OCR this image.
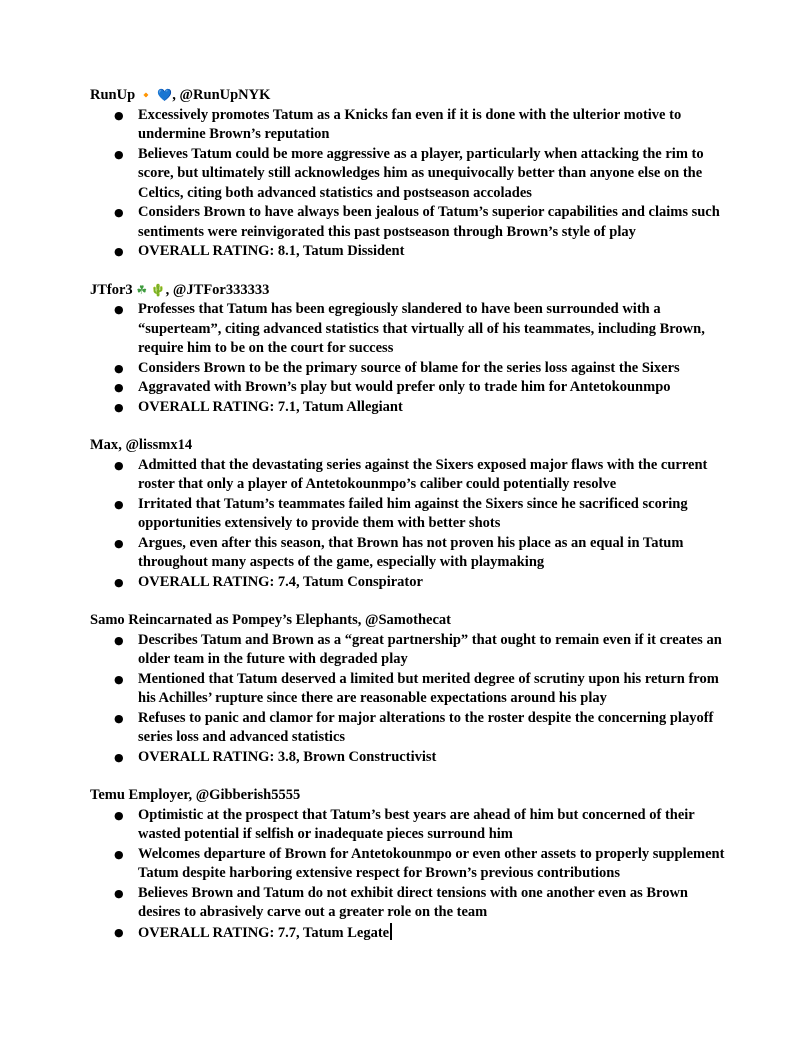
RunUp 🔸 💙, @RunUpNYK

● Excessively promotes Tatum as a Knicks fan even if it is done with the ulterior motive to undermine Brown’s reputation
● Believes Tatum could be more aggressive as a player, particularly when attacking the rim to score, but ultimately still acknowledges him as unequivocally better than anyone else on the Celtics, citing both advanced statistics and postseason accolades
● Considers Brown to have always been jealous of Tatum’s superior capabilities and claims such sentiments were reinvigorated this past postseason through Brown’s style of play
● OVERALL RATING: 8.1, Tatum Dissident

JTfor3 ☘ 🌵, @JTFor333333

● Professes that Tatum has been egregiously slandered to have been surrounded with a “superteam”, citing advanced statistics that virtually all of his teammates, including Brown, require him to be on the court for success
● Considers Brown to be the primary source of blame for the series loss against the Sixers
● Aggravated with Brown’s play but would prefer only to trade him for Antetokounmpo
● OVERALL RATING: 7.1, Tatum Allegiant

Max, @lissmx14

● Admitted that the devastating series against the Sixers exposed major flaws with the current roster that only a player of Antetokounmpo’s caliber could potentially resolve
● Irritated that Tatum’s teammates failed him against the Sixers since he sacrificed scoring opportunities extensively to provide them with better shots
● Argues, even after this season, that Brown has not proven his place as an equal in Tatum throughout many aspects of the game, especially with playmaking
● OVERALL RATING: 7.4, Tatum Conspirator

Samo Reincarnated as Pompey’s Elephants, @Samothecat

● Describes Tatum and Brown as a “great partnership” that ought to remain even if it creates an older team in the future with degraded play
● Mentioned that Tatum deserved a limited but merited degree of scrutiny upon his return from his Achilles’ rupture since there are reasonable expectations around his play
● Refuses to panic and clamor for major alterations to the roster despite the concerning playoff series loss and advanced statistics
● OVERALL RATING: 3.8, Brown Constructivist

Temu Employer, @Gibberish5555

● Optimistic at the prospect that Tatum’s best years are ahead of him but concerned of their wasted potential if selfish or inadequate pieces surround him
● Welcomes departure of Brown for Antetokounmpo or even other assets to properly supplement Tatum despite harboring extensive respect for Brown’s previous contributions
● Believes Brown and Tatum do not exhibit direct tensions with one another even as Brown desires to abrasively carve out a greater role on the team
● OVERALL RATING: 7.7, Tatum Legate
